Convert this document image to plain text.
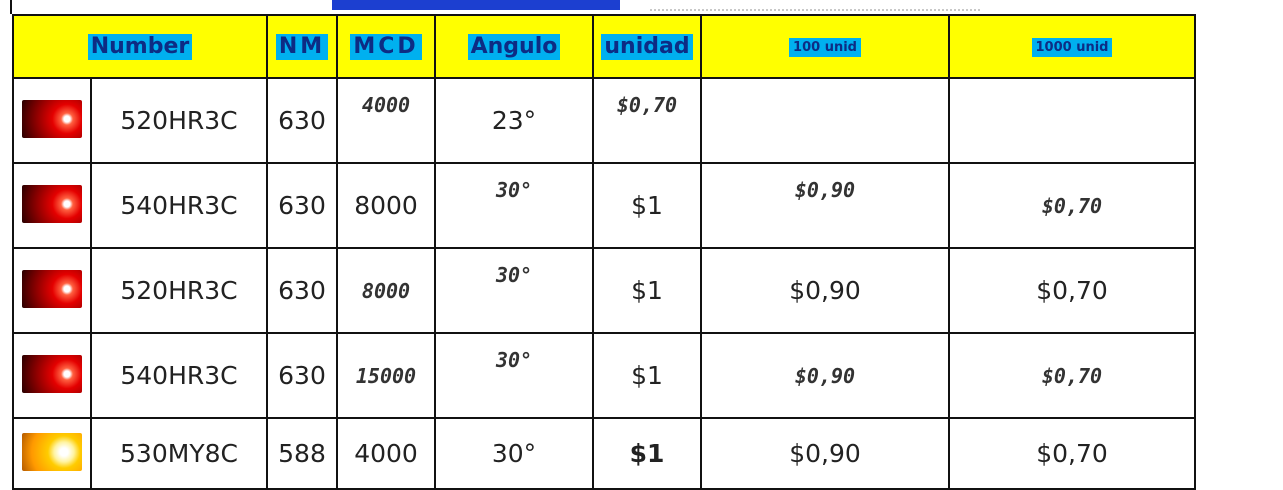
Number		NM	MCD	Angulo	unidad	100 unid	1000 unid
	520HR3C	630	4000	23°	$0,70		
	540HR3C	630	8000	30°	$1	$0,90	$0,70
	520HR3C	630	8000	30°	$1	$0,90	$0,70
	540HR3C	630	15000	30°	$1	$0,90	$0,70
	530MY8C	588	4000	30°	$1	$0,90	$0,70
